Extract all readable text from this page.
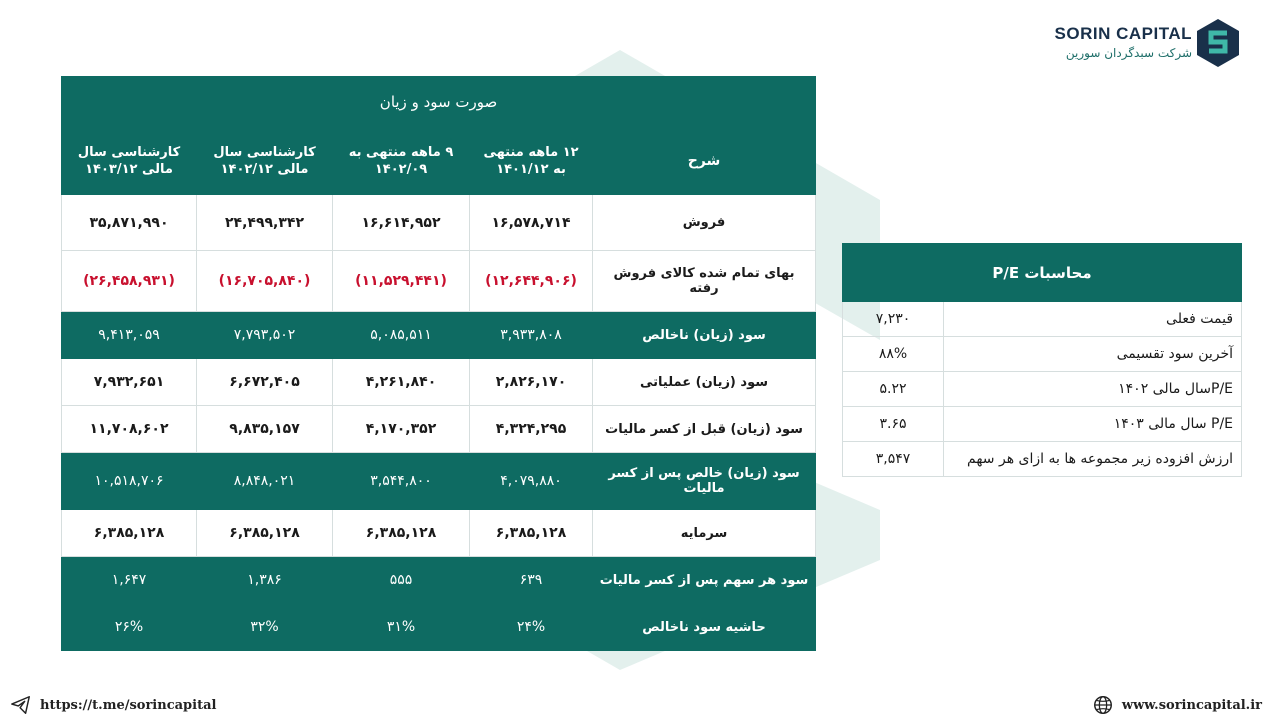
SORIN CAPITAL
شرکت سبدگردان سورین
صورت سود و زیان				
شرح	۱۲ ماهه منتهی به ۱۴۰۱/۱۲	۹ ماهه منتهی به ۱۴۰۲/۰۹	کارشناسی سال مالی ۱۴۰۲/۱۲	کارشناسی سال مالی ۱۴۰۳/۱۲
فروش	۱۶,۵۷۸,۷۱۴	۱۶,۶۱۴,۹۵۲	۲۴,۴۹۹,۳۴۲	۳۵,۸۷۱,۹۹۰
بهای تمام شده کالای فروش رفته	(۱۲,۶۴۴,۹۰۶)	(۱۱,۵۲۹,۴۴۱)	(۱۶,۷۰۵,۸۴۰)	(۲۶,۴۵۸,۹۳۱)
سود (زیان) ناخالص	۳,۹۳۳,۸۰۸	۵,۰۸۵,۵۱۱	۷,۷۹۳,۵۰۲	۹,۴۱۳,۰۵۹
سود (زیان) عملیاتی	۲,۸۲۶,۱۷۰	۴,۲۶۱,۸۴۰	۶,۶۷۲,۴۰۵	۷,۹۳۲,۶۵۱
سود (زیان) قبل از کسر مالیات	۴,۳۲۴,۲۹۵	۴,۱۷۰,۳۵۲	۹,۸۳۵,۱۵۷	۱۱,۷۰۸,۶۰۲
سود (زیان) خالص پس از کسر مالیات	۴,۰۷۹,۸۸۰	۳,۵۴۴,۸۰۰	۸,۸۴۸,۰۲۱	۱۰,۵۱۸,۷۰۶
سرمایه	۶,۳۸۵,۱۲۸	۶,۳۸۵,۱۲۸	۶,۳۸۵,۱۲۸	۶,۳۸۵,۱۲۸
سود هر سهم پس از کسر مالیات	۶۳۹	۵۵۵	۱,۳۸۶	۱,۶۴۷
حاشیه سود ناخالص	۲۴%	۳۱%	۳۲%	۲۶%
محاسبات P/E	
قیمت فعلی	۷,۲۳۰
آخرین سود تقسیمی	۸۸%
P/Eسال مالی ۱۴۰۲	۵.۲۲
P/E سال مالی ۱۴۰۳	۳.۶۵
ارزش افزوده زیر مجموعه ها به ازای هر سهم	۳,۵۴۷
https://t.me/sorincapital	www.sorincapital.ir
